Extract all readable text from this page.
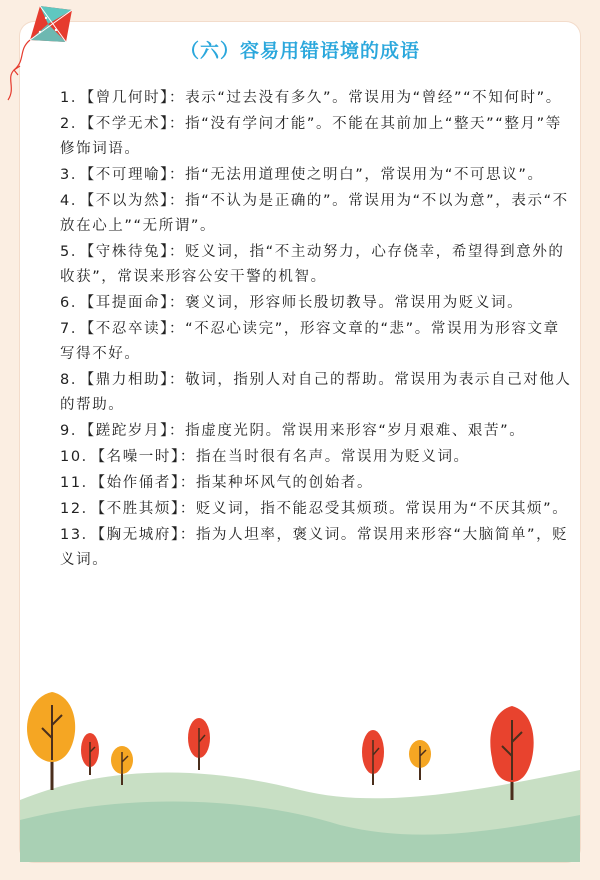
（六）容易用错语境的成语
1．【曾几何时】：表示“过去没有多久”。常误用为“曾经”“不知何时”。
2．【不学无术】：指“没有学问才能”。不能在其前加上“整天”“整月”等修饰词语。
3．【不可理喻】：指“无法用道理使之明白”，常误用为“不可思议”。
4．【不以为然】：指“不认为是正确的”。常误用为“不以为意”，表示“不放在心上”“无所谓”。
5．【守株待兔】：贬义词，指“不主动努力，心存侥幸，希望得到意外的收获”，常误来形容公安干警的机智。
6．【耳提面命】：褒义词，形容师长殷切教导。常误用为贬义词。
7．【不忍卒读】：“不忍心读完”，形容文章的“悲”。常误用为形容文章写得不好。
8．【鼎力相助】：敬词，指别人对自己的帮助。常误用为表示自己对他人的帮助。
9．【蹉跎岁月】：指虚度光阴。常误用来形容“岁月艰难、艰苦”。
10．【名噪一时】：指在当时很有名声。常误用为贬义词。
11．【始作俑者】：指某种坏风气的创始者。
12．【不胜其烦】：贬义词，指不能忍受其烦琐。常误用为“不厌其烦”。
13．【胸无城府】：指为人坦率，褒义词。常误用来形容“大脑简单”，贬义词。
